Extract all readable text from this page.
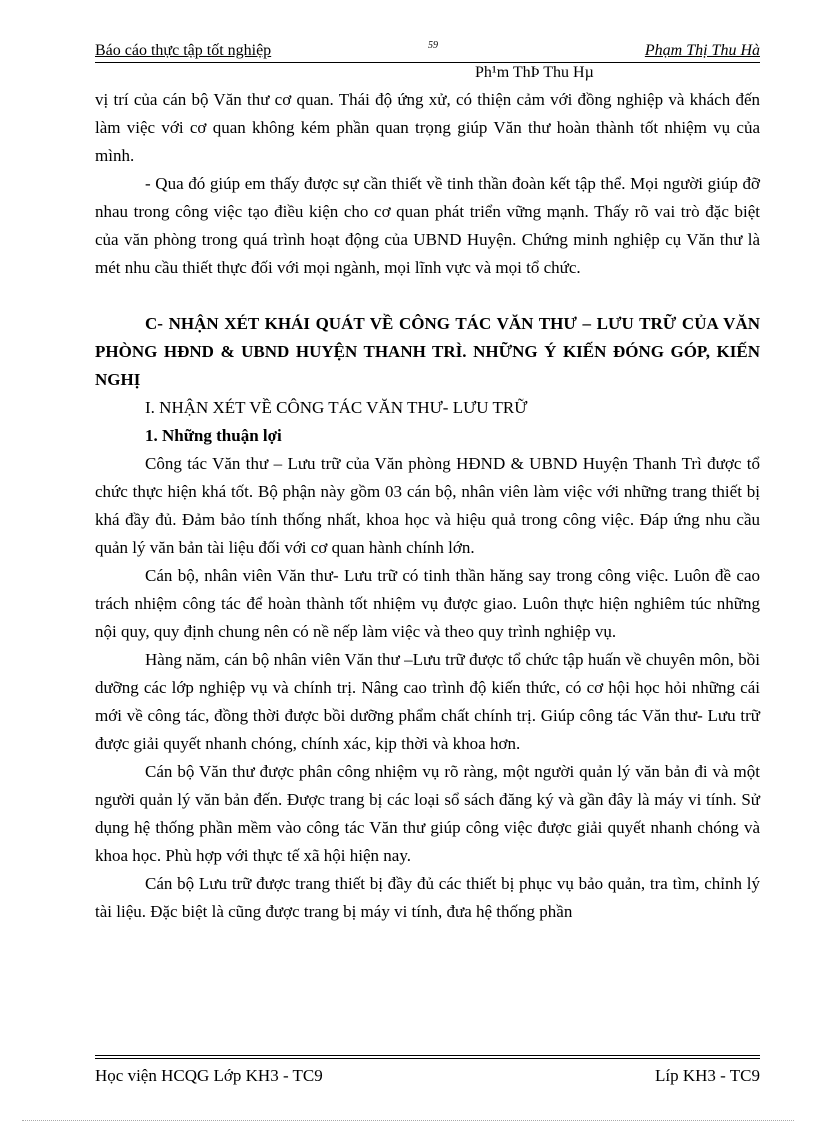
Báo cáo thực tập tốt nghiệp	59	Phạm Thị Thu Hà
Ph¹m ThÞ Thu Hµ

vị trí của cán bộ Văn thư cơ quan. Thái độ ứng xử, có thiện cảm với đồng nghiệp và khách đến làm việc với cơ quan không kém phần quan trọng giúp Văn thư hoàn thành tốt nhiệm vụ của mình.

- Qua đó giúp em thấy được sự cần thiết về tinh thần đoàn kết tập thể. Mọi người giúp đỡ nhau trong công việc tạo điều kiện cho cơ quan phát triển vững mạnh. Thấy rõ vai trò đặc biệt của văn phòng trong quá trình hoạt động của UBND Huyện. Chứng minh nghiệp cụ Văn thư là mét nhu cầu thiết thực đối với mọi ngành, mọi lĩnh vực và mọi tổ chức.

C- NHẬN XÉT KHÁI QUÁT VỀ CÔNG TÁC VĂN THƯ – LƯU TRỮ CỦA VĂN PHÒNG HĐND & UBND HUYỆN THANH TRÌ. NHỮNG Ý KIẾN ĐÓNG GÓP, KIẾN NGHỊ

I. NHẬN XÉT VỀ CÔNG TÁC VĂN THƯ- LƯU TRỮ

1. Những thuận lợi

Công tác Văn thư – Lưu trữ của Văn phòng HĐND & UBND Huyện Thanh Trì được tổ chức thực hiện khá tốt. Bộ phận này gồm 03 cán bộ, nhân viên làm việc với những trang thiết bị khá đầy đủ. Đảm bảo tính thống nhất, khoa học và hiệu quả trong công việc. Đáp ứng nhu cầu quản lý văn bản tài liệu đối với cơ quan hành chính lớn.

Cán bộ, nhân viên Văn thư- Lưu trữ có tinh thần hăng say trong công việc. Luôn đề cao trách nhiệm công tác để hoàn thành tốt nhiệm vụ được giao. Luôn thực hiện nghiêm túc những nội quy, quy định chung nên có nề nếp làm việc và theo quy trình nghiệp vụ.

Hàng năm, cán bộ nhân viên Văn thư –Lưu trữ được tổ chức tập huấn về chuyên môn, bồi dưỡng các lớp nghiệp vụ và chính trị. Nâng cao trình độ kiến thức, có cơ hội học hỏi những cái mới về công tác, đồng thời được bồi dưỡng phẩm chất chính trị. Giúp công tác Văn thư- Lưu trữ được giải quyết nhanh chóng, chính xác, kịp thời và khoa hơn.

Cán bộ Văn thư được phân công nhiệm vụ rõ ràng, một người quản lý văn bản đi và một người quản lý văn bản đến. Được trang bị các loại sổ sách đăng ký và gần đây là máy vi tính. Sử dụng hệ thống phần mềm vào công tác Văn thư giúp công việc được giải quyết nhanh chóng và khoa học. Phù hợp với thực tế xã hội hiện nay.

Cán bộ Lưu trữ được trang thiết bị đầy đủ các thiết bị phục vụ bảo quản, tra tìm, chỉnh lý tài liệu. Đặc biệt là cũng được trang bị máy vi tính, đưa hệ thống phần

Học viện HCQG Lớp KH3 - TC9	Líp KH3 - TC9
